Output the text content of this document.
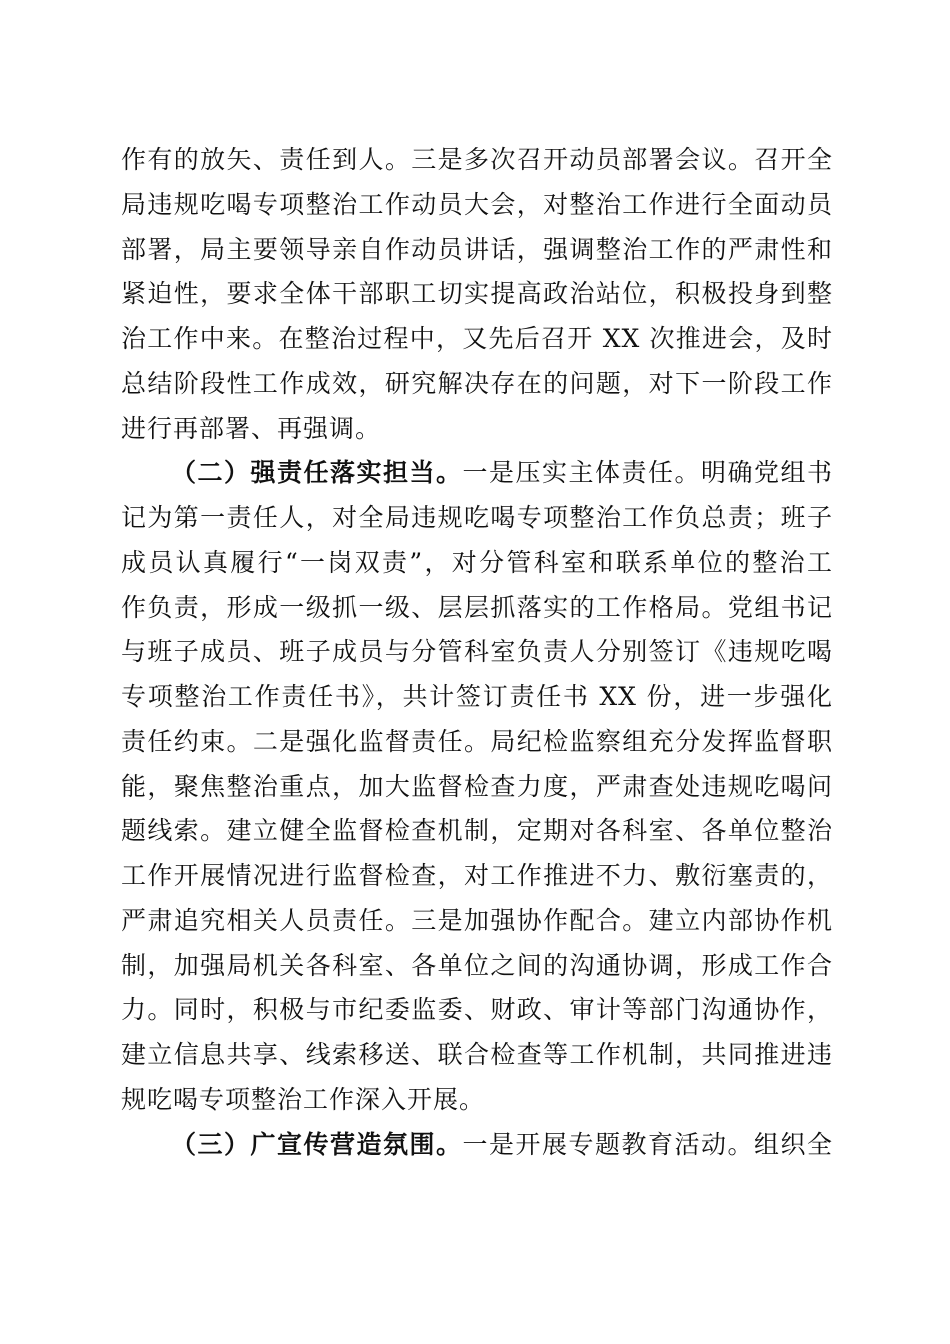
作有的放矢、责任到人。三是多次召开动员部署会议。召开全
局违规吃喝专项整治工作动员大会，对整治工作进行全面动员
部署，局主要领导亲自作动员讲话，强调整治工作的严肃性和
紧迫性，要求全体干部职工切实提高政治站位，积极投身到整
治工作中来。在整治过程中，又先后召开 XX 次推进会，及时
总结阶段性工作成效，研究解决存在的问题，对下一阶段工作
进行再部署、再强调。
（二）强责任落实担当。一是压实主体责任。明确党组书
记为第一责任人，对全局违规吃喝专项整治工作负总责；班子
成员认真履行“一岗双责”，对分管科室和联系单位的整治工
作负责，形成一级抓一级、层层抓落实的工作格局。党组书记
与班子成员、班子成员与分管科室负责人分别签订《违规吃喝
专项整治工作责任书》，共计签订责任书 XX 份，进一步强化
责任约束。二是强化监督责任。局纪检监察组充分发挥监督职
能，聚焦整治重点，加大监督检查力度，严肃查处违规吃喝问
题线索。建立健全监督检查机制，定期对各科室、各单位整治
工作开展情况进行监督检查，对工作推进不力、敷衍塞责的，
严肃追究相关人员责任。三是加强协作配合。建立内部协作机
制，加强局机关各科室、各单位之间的沟通协调，形成工作合
力。同时，积极与市纪委监委、财政、审计等部门沟通协作，
建立信息共享、线索移送、联合检查等工作机制，共同推进违
规吃喝专项整治工作深入开展。
（三）广宣传营造氛围。一是开展专题教育活动。组织全
